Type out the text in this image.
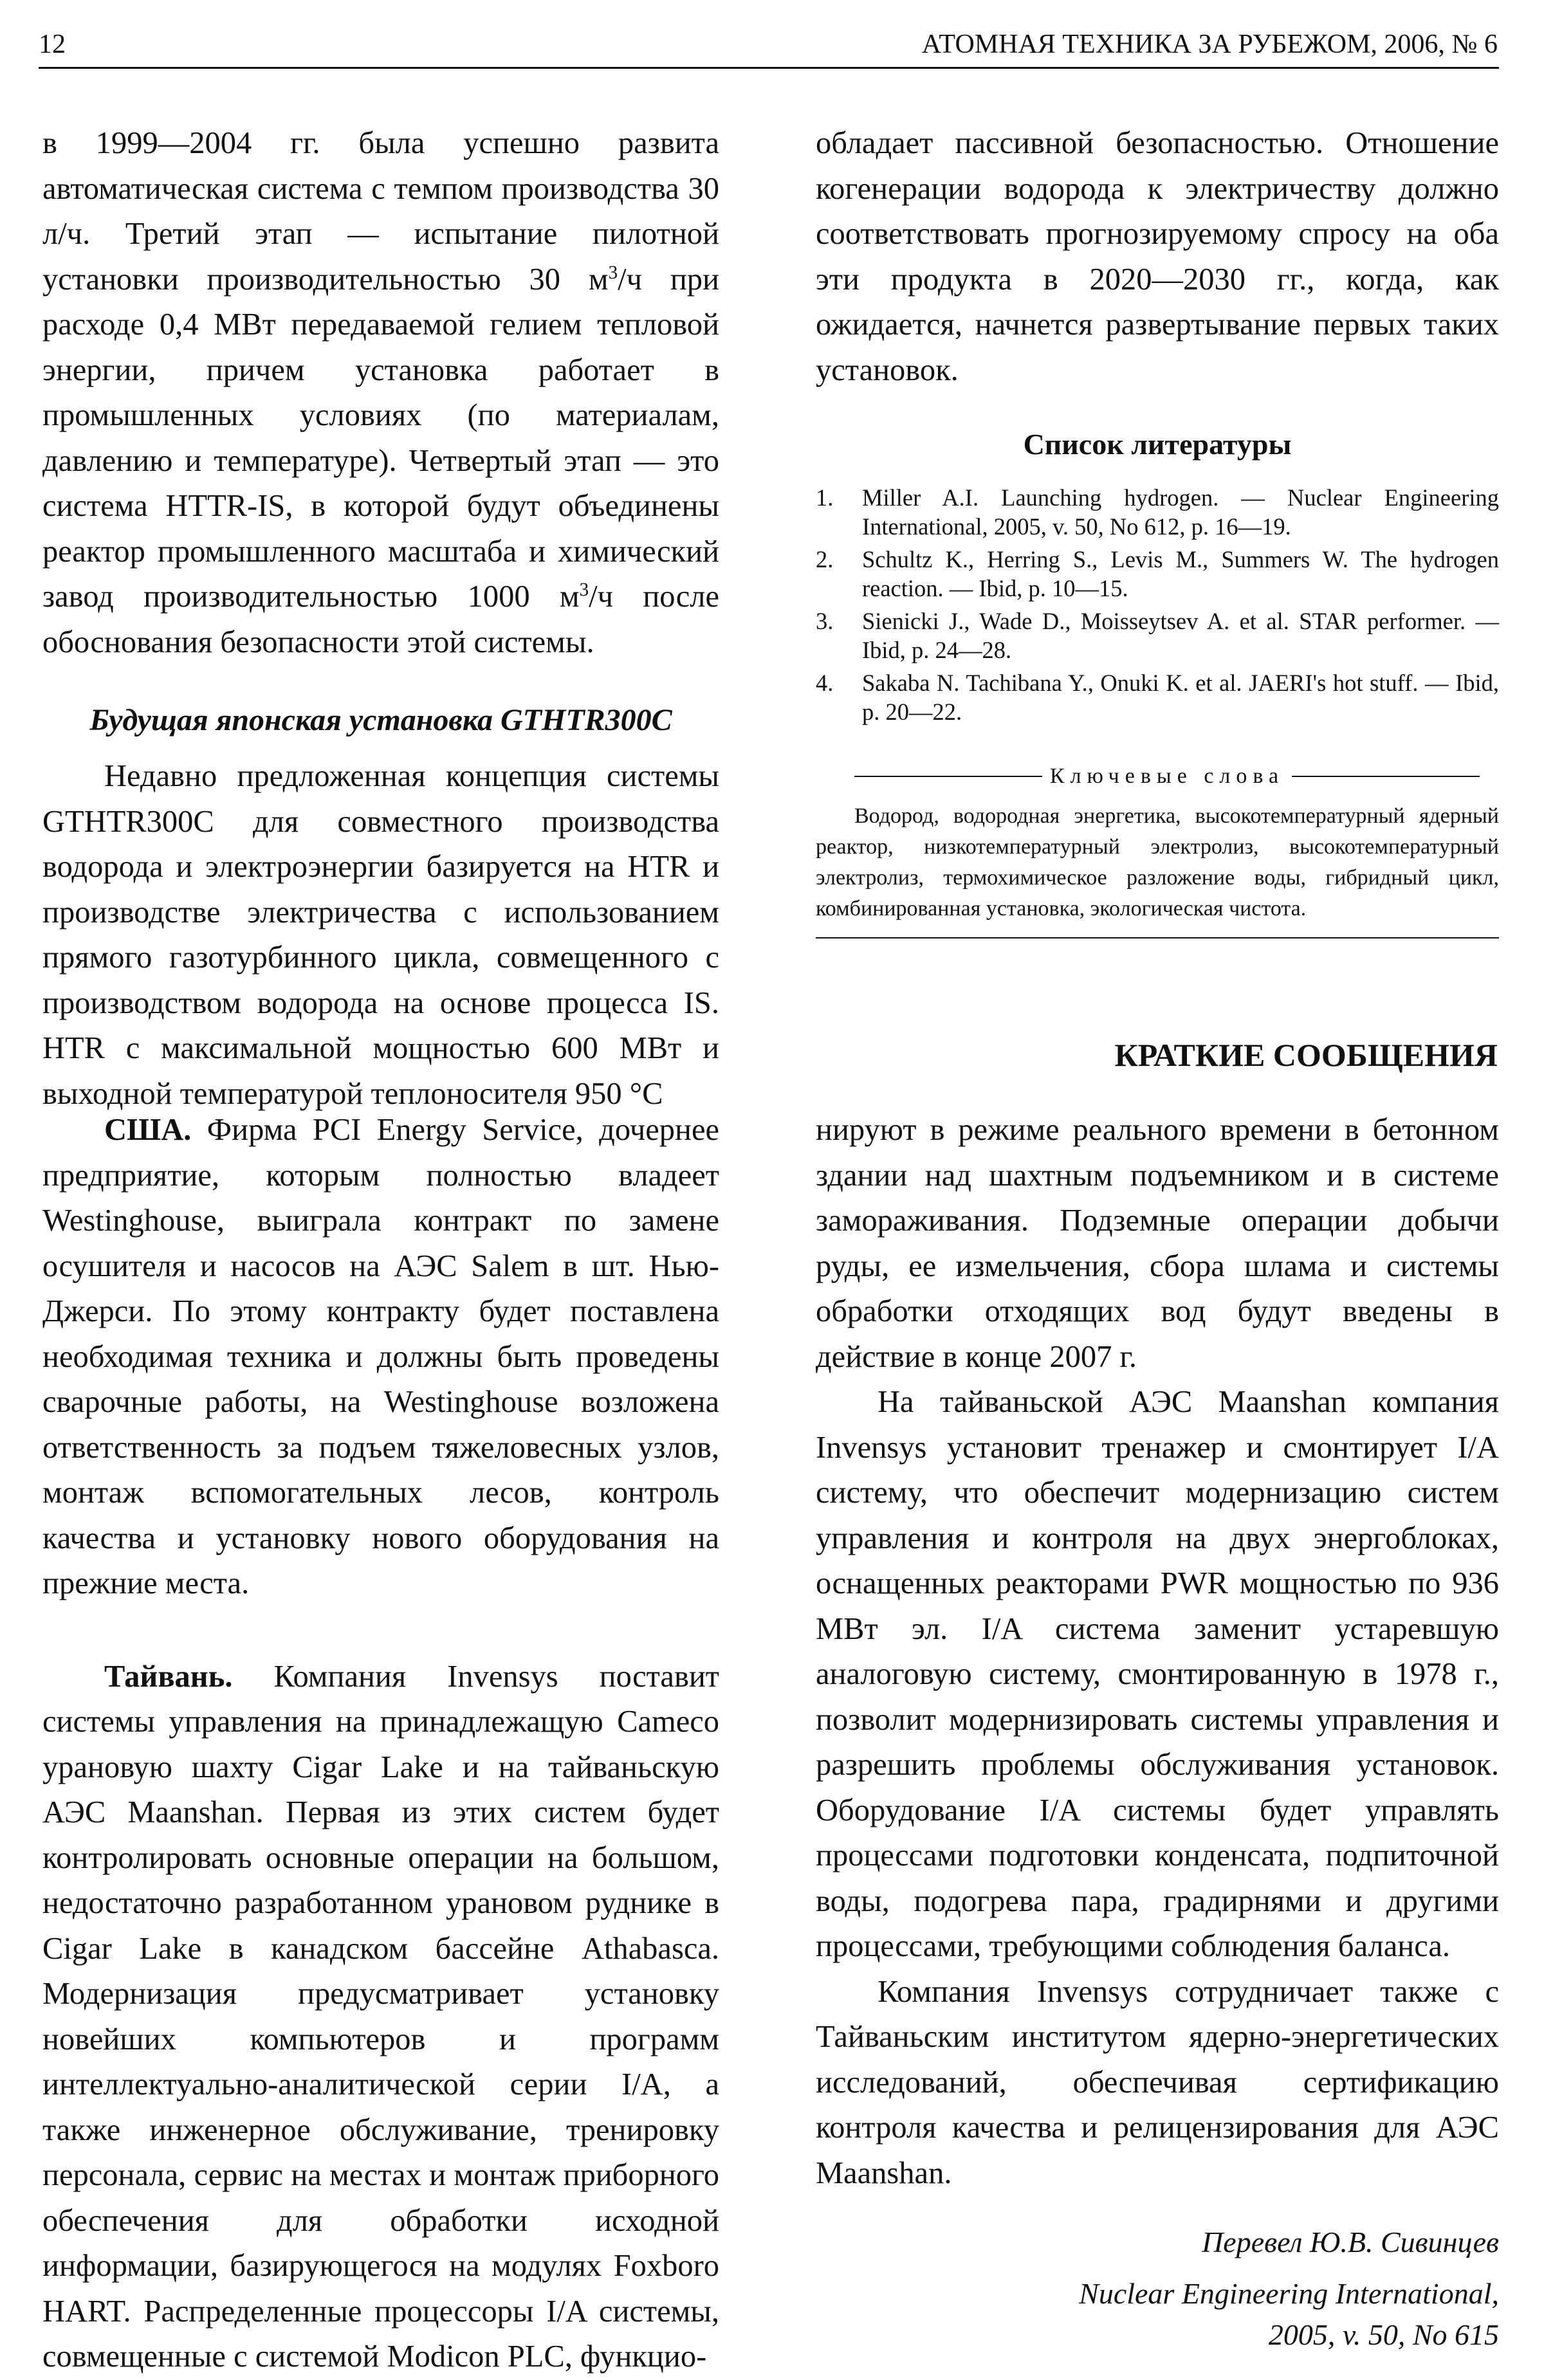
12	АТОМНАЯ ТЕХНИКА ЗА РУБЕЖОМ, 2006, № 6

в 1999—2004 гг. была успешно развита автоматическая система с темпом производства 30 л/ч. Третий этап — испытание пилотной установки производительностью 30 $м^3/ч$ при расходе 0,4 МВт передаваемой гелием тепловой энергии, причем установка работает в промышленных условиях (по материалам, давлению и температуре). Четвертый этап — это система HTTR-IS, в которой будут объединены реактор промышленного масштаба и химический завод производительностью 1000 $м^3/ч$ после обоснования безопасности этой системы.

Будущая японская установка GTHTR300C

Недавно предложенная концепция системы GTHTR300C для совместного производства водорода и электроэнергии базируется на HTR и производстве электричества с использованием прямого газотурбинного цикла, совмещенного с производством водорода на основе процесса IS. HTR с максимальной мощностью 600 МВт и выходной температурой теплоносителя 950 °С

обладает пассивной безопасностью. Отношение когенерации водорода к электричеству должно соответствовать прогнозируемому спросу на оба эти продукта в 2020—2030 гг., когда, как ожидается, начнется развертывание первых таких установок.

Список литературы
1. Miller A.I. Launching hydrogen. — Nuclear Engineering International, 2005, v. 50, No 612, p. 16—19.
2. Schultz K., Herring S., Levis M., Summers W. The hydrogen reaction. — Ibid, p. 10—15.
3. Sienicki J., Wade D., Moisseytsev A. et al. STAR performer. — Ibid, p. 24—28.
4. Sakaba N. Tachibana Y., Onuki K. et al. JAERI's hot stuff. — Ibid, p. 20—22.
Ключевые слова
Водород, водородная энергетика, высокотемпературный ядерный реактор, низкотемпературный электролиз, высокотемпературный электролиз, термохимическое разложение воды, гибридный цикл, комбинированная установка, экологическая чистота.
КРАТКИЕ СООБЩЕНИЯ

США. Фирма PCI Energy Service, дочернее предприятие, которым полностью владеет Westinghouse, выиграла контракт по замене осушителя и насосов на АЭС Salem в шт. Нью-Джерси. По этому контракту будет поставлена необходимая техника и должны быть проведены сварочные работы, на Westinghouse возложена ответственность за подъем тяжеловесных узлов, монтаж вспомогательных лесов, контроль качества и установку нового оборудования на прежние места.

Тайвань. Компания Invensys поставит системы управления на принадлежащую Cameco урановую шахту Cigar Lake и на тайваньскую АЭС Maanshan. Первая из этих систем будет контролировать основные операции на большом, недостаточно разработанном урановом руднике в Cigar Lake в канадском бассейне Athabasca. Модернизация предусматривает установку новейших компьютеров и программ интеллектуально-аналитической серии I/A, а также инженерное обслуживание, тренировку персонала, сервис на местах и монтаж приборного обеспечения для обработки исходной информации, базирующегося на модулях Foxboro HART. Распределенные процессоры I/A системы, совмещенные с системой Modicon PLC, функцио-

нируют в режиме реального времени в бетонном здании над шахтным подъемником и в системе замораживания. Подземные операции добычи руды, ее измельчения, сбора шлама и системы обработки отходящих вод будут введены в действие в конце 2007 г.

На тайваньской АЭС Maanshan компания Invensys установит тренажер и смонтирует I/A систему, что обеспечит модернизацию систем управления и контроля на двух энергоблоках, оснащенных реакторами PWR мощностью по 936 МВт эл. I/A система заменит устаревшую аналоговую систему, смонтированную в 1978 г., позволит модернизировать системы управления и разрешить проблемы обслуживания установок. Оборудование I/A системы будет управлять процессами подготовки конденсата, подпиточной воды, подогрева пара, градирнями и другими процессами, требующими соблюдения баланса.

Компания Invensys сотрудничает также с Тайваньским институтом ядерно-энергетических исследований, обеспечивая сертификацию контроля качества и релицензирования для АЭС Maanshan.

Перевел Ю.В. Сивинцев
Nuclear Engineering International,
2005, v. 50, No 615
